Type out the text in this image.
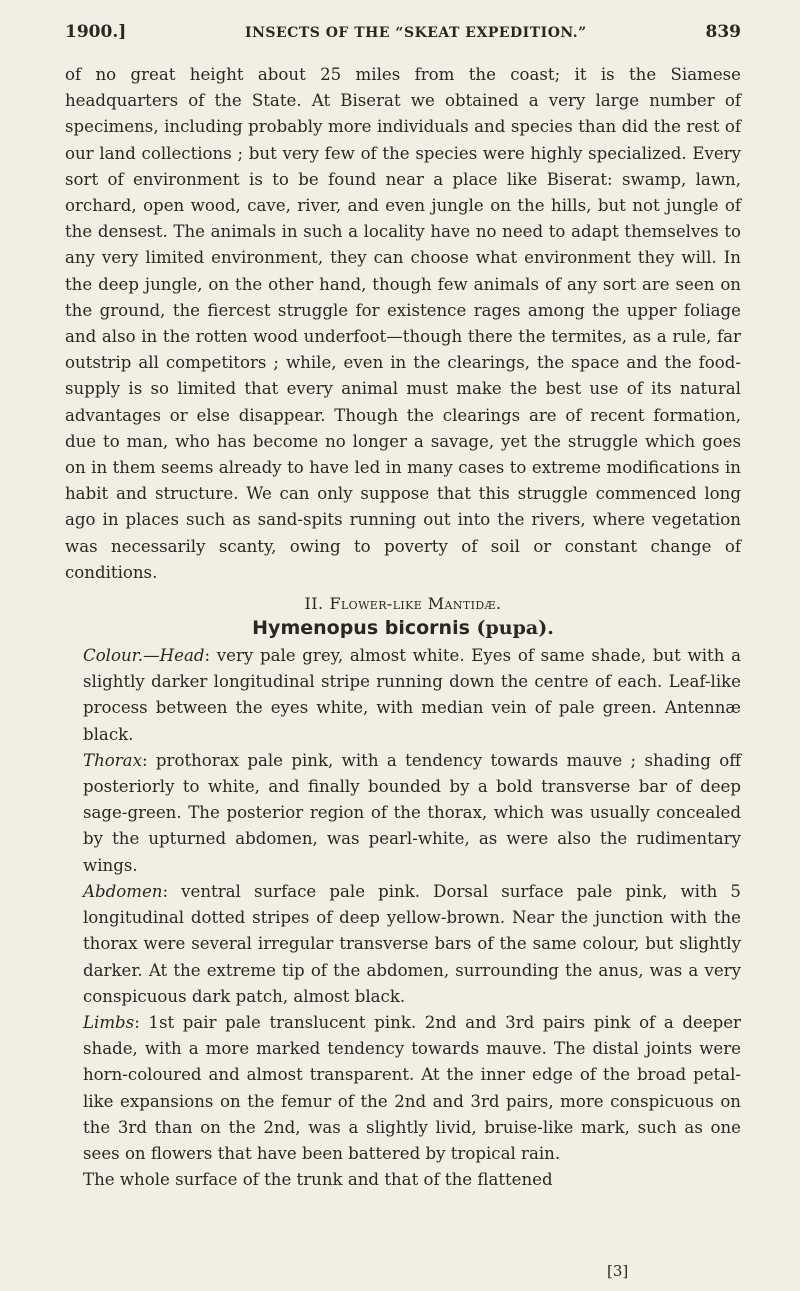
1900.]	INSECTS OF THE “SKEAT EXPEDITION.”	839

of no great height about 25 miles from the coast; it is the Siamese headquarters of the State. At Biserat we obtained a very large number of specimens, including probably more individuals and species than did the rest of our land collections ; but very few of the species were highly specialized. Every sort of environment is to be found near a place like Biserat: swamp, lawn, orchard, open wood, cave, river, and even jungle on the hills, but not jungle of the densest. The animals in such a locality have no need to adapt themselves to any very limited environment, they can choose what environment they will. In the deep jungle, on the other hand, though few animals of any sort are seen on the ground, the fiercest struggle for existence rages among the upper foliage and also in the rotten wood underfoot—though there the termites, as a rule, far outstrip all competitors ; while, even in the clearings, the space and the food-supply is so limited that every animal must make the best use of its natural advantages or else disappear. Though the clearings are of recent formation, due to man, who has become no longer a savage, yet the struggle which goes on in them seems already to have led in many cases to extreme modifications in habit and structure. We can only suppose that this struggle commenced long ago in places such as sand-spits running out into the rivers, where vegetation was necessarily scanty, owing to poverty of soil or constant change of conditions.

II. Flower-like Mantidæ.
Hymenopus bicornis (pupa).

Colour.—Head: very pale grey, almost white. Eyes of same shade, but with a slightly darker longitudinal stripe running down the centre of each. Leaf-like process between the eyes white, with median vein of pale green. Antennæ black.

Thorax: prothorax pale pink, with a tendency towards mauve ; shading off posteriorly to white, and finally bounded by a bold transverse bar of deep sage-green. The posterior region of the thorax, which was usually concealed by the upturned abdomen, was pearl-white, as were also the rudimentary wings.

Abdomen: ventral surface pale pink. Dorsal surface pale pink, with 5 longitudinal dotted stripes of deep yellow-brown. Near the junction with the thorax were several irregular transverse bars of the same colour, but slightly darker. At the extreme tip of the abdomen, surrounding the anus, was a very conspicuous dark patch, almost black.

Limbs: 1st pair pale translucent pink. 2nd and 3rd pairs pink of a deeper shade, with a more marked tendency towards mauve. The distal joints were horn-coloured and almost transparent. At the inner edge of the broad petal-like expansions on the femur of the 2nd and 3rd pairs, more conspicuous on the 3rd than on the 2nd, was a slightly livid, bruise-like mark, such as one sees on flowers that have been battered by tropical rain.

The whole surface of the trunk and that of the flattened

[3]
